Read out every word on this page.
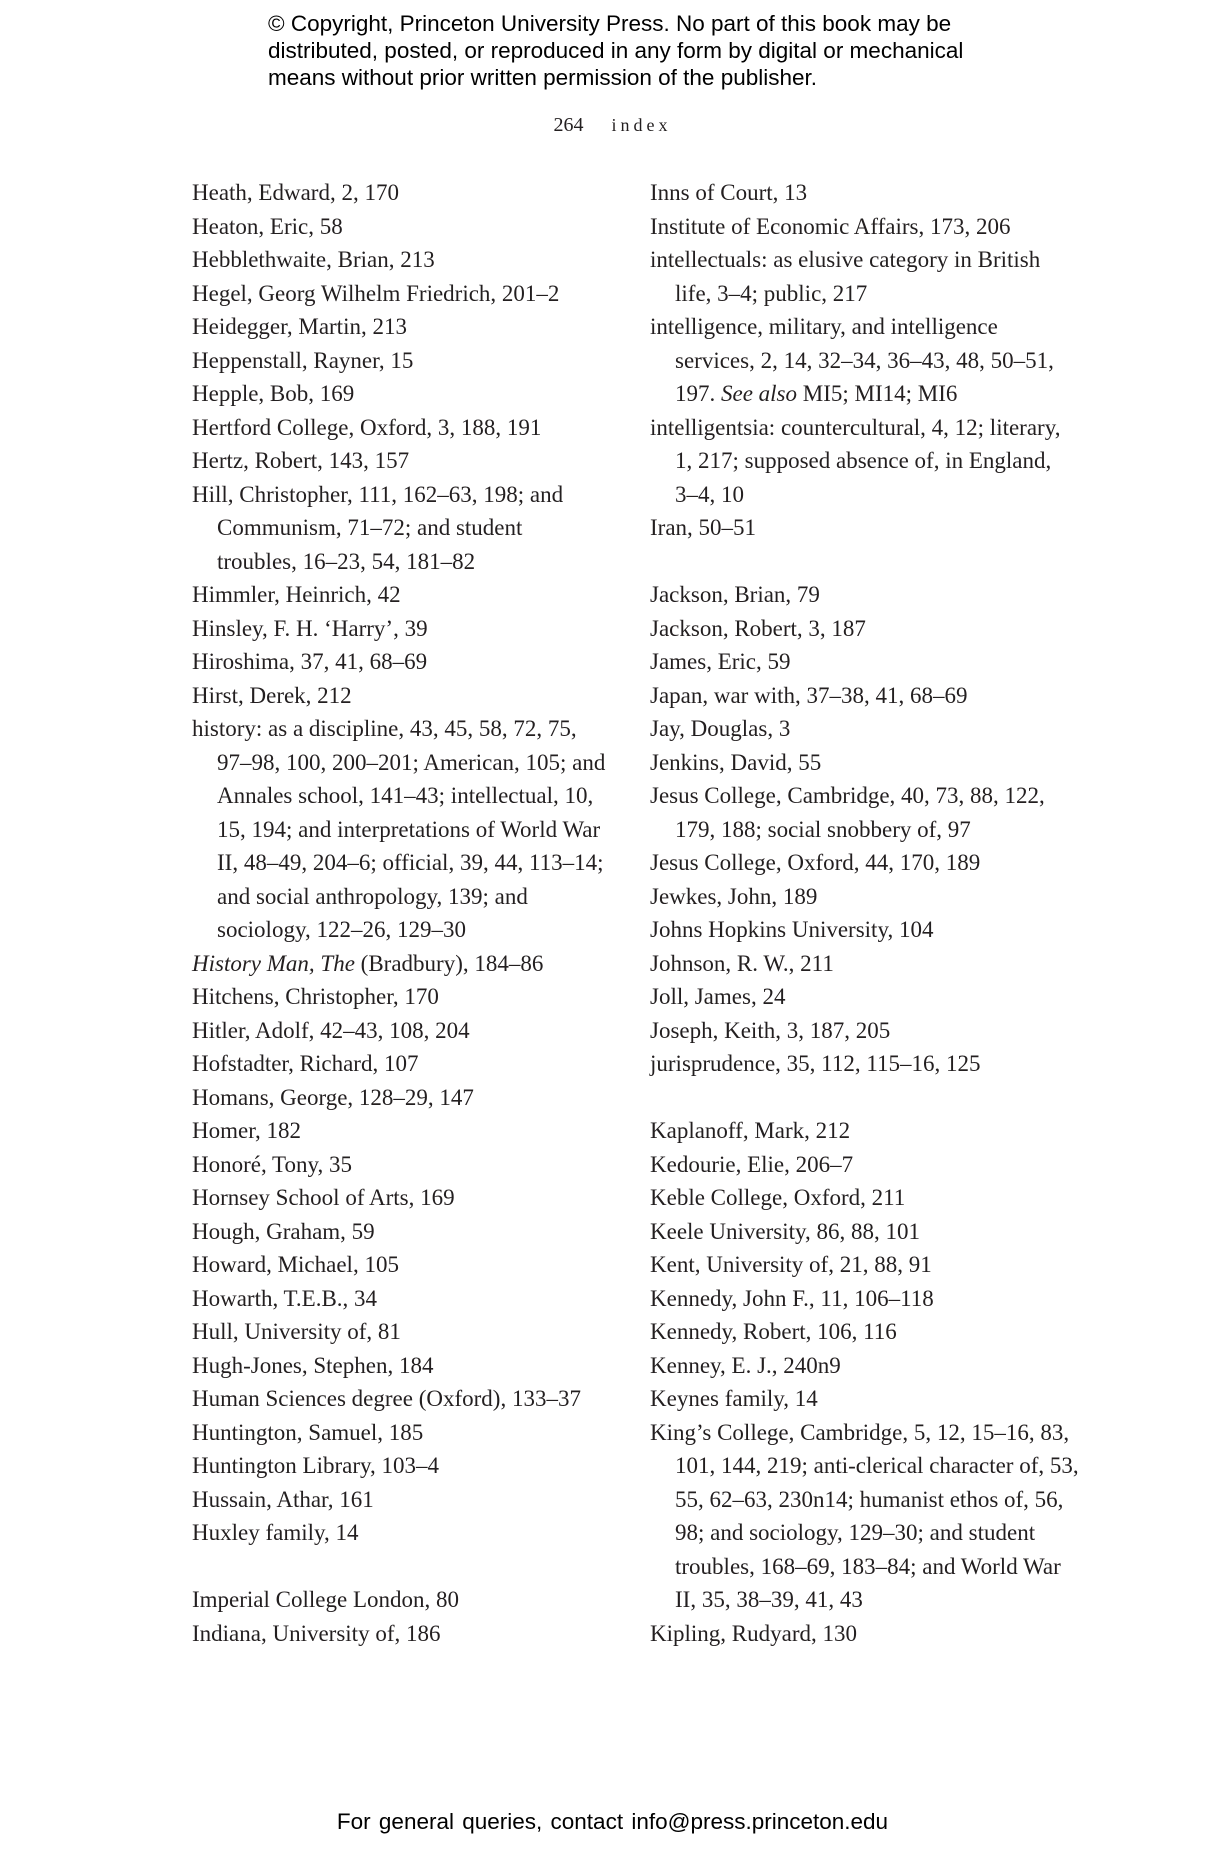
© Copyright, Princeton University Press. No part of this book may be
distributed, posted, or reproduced in any form by digital or mechanical
means without prior written permission of the publisher.
264 index
Heath, Edward, 2, 170
Heaton, Eric, 58
Hebblethwaite, Brian, 213
Hegel, Georg Wilhelm Friedrich, 201–2
Heidegger, Martin, 213
Heppenstall, Rayner, 15
Hepple, Bob, 169
Hertford College, Oxford, 3, 188, 191
Hertz, Robert, 143, 157
Hill, Christopher, 111, 162–63, 198; and
Communism, 71–72; and student
troubles, 16–23, 54, 181–82
Himmler, Heinrich, 42
Hinsley, F. H. ‘Harry’, 39
Hiroshima, 37, 41, 68–69
Hirst, Derek, 212
history: as a discipline, 43, 45, 58, 72, 75,
97–98, 100, 200–201; American, 105; and
Annales school, 141–43; intellectual, 10,
15, 194; and interpretations of World War
II, 48–49, 204–6; official, 39, 44, 113–14;
and social anthropology, 139; and
sociology, 122–26, 129–30
History Man, The (Bradbury), 184–86
Hitchens, Christopher, 170
Hitler, Adolf, 42–43, 108, 204
Hofstadter, Richard, 107
Homans, George, 128–29, 147
Homer, 182
Honoré, Tony, 35
Hornsey School of Arts, 169
Hough, Graham, 59
Howard, Michael, 105
Howarth, T.E.B., 34
Hull, University of, 81
Hugh-Jones, Stephen, 184
Human Sciences degree (Oxford), 133–37
Huntington, Samuel, 185
Huntington Library, 103–4
Hussain, Athar, 161
Huxley family, 14
Imperial College London, 80
Indiana, University of, 186
Inns of Court, 13
Institute of Economic Affairs, 173, 206
intellectuals: as elusive category in British
life, 3–4; public, 217
intelligence, military, and intelligence
services, 2, 14, 32–34, 36–43, 48, 50–51,
197. See also MI5; MI14; MI6
intelligentsia: countercultural, 4, 12; literary,
1, 217; supposed absence of, in England,
3–4, 10
Iran, 50–51
Jackson, Brian, 79
Jackson, Robert, 3, 187
James, Eric, 59
Japan, war with, 37–38, 41, 68–69
Jay, Douglas, 3
Jenkins, David, 55
Jesus College, Cambridge, 40, 73, 88, 122,
179, 188; social snobbery of, 97
Jesus College, Oxford, 44, 170, 189
Jewkes, John, 189
Johns Hopkins University, 104
Johnson, R. W., 211
Joll, James, 24
Joseph, Keith, 3, 187, 205
jurisprudence, 35, 112, 115–16, 125
Kaplanoff, Mark, 212
Kedourie, Elie, 206–7
Keble College, Oxford, 211
Keele University, 86, 88, 101
Kent, University of, 21, 88, 91
Kennedy, John F., 11, 106–118
Kennedy, Robert, 106, 116
Kenney, E. J., 240n9
Keynes family, 14
King’s College, Cambridge, 5, 12, 15–16, 83,
101, 144, 219; anti-clerical character of, 53,
55, 62–63, 230n14; humanist ethos of, 56,
98; and sociology, 129–30; and student
troubles, 168–69, 183–84; and World War
II, 35, 38–39, 41, 43
Kipling, Rudyard, 130
For general queries, contact info@press.princeton.edu
